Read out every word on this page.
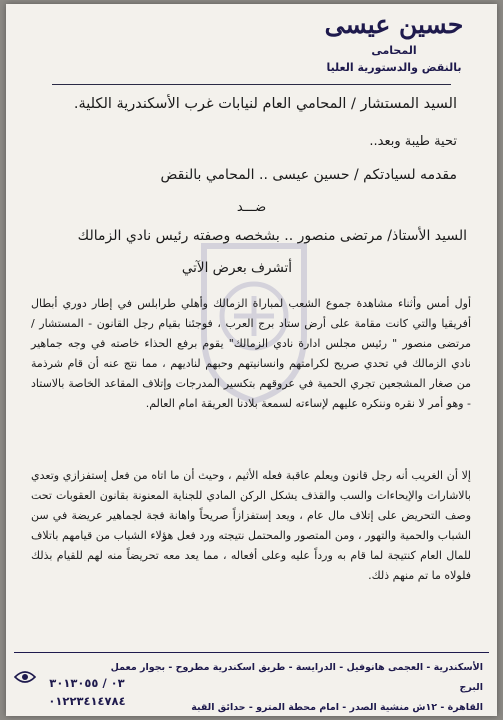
حسين عيسى
المحامى
بالنقض والدستورية العليا
السيد المستشار / المحامي العام لنيابات غرب الأسكندرية الكلية.
تحية طيبة وبعد..
مقدمه لسيادتكم / حسين عيسى .. المحامي بالنقض
ضـــد
السيد الأستاذ/ مرتضى منصور .. بشخصه وصفته رئيس نادي الزمالك
أتشرف بعرض الآتي
أول أمس وأثناء مشاهدة جموع الشعب لمباراة الزمالك وأهلي طرابلس في إطار دوري أبطال أفريقيا والتي كانت مقامة على أرض ستاد برج العرب ، فوجئنا بقيام رجل القانون - المستشار / مرتضى منصور " رئيس مجلس ادارة نادي الزمالك" يقوم برفع الحذاء خاصته في وجه جماهير نادي الزمالك في تحدي صريح لكرامتهم وانسانيتهم وحبهم لناديهم ، مما نتج عنه أن قام شرذمة من صغار المشجعين تجري الحمية في عروقهم بتكسير المدرجات وإتلاف المقاعد الخاصة بالاستاد - وهو أمر لا نقره وننكره عليهم لإساءته لسمعة بلادنا العريقة امام العالم.
إلا أن الغريب أنه رجل قانون ويعلم عاقبة فعله الأثيم ، وحيث أن ما اتاه من فعل إستفزازي وتعدي بالاشارات والإيحاءات والسب والقذف يشكل الركن المادي للجناية المعنونة بقانون العقوبات تحت وصف التحريض على إتلاف مال عام ، ويعد إستفزازاً صريحاً واهانة فجة لجماهير عريضة في سن الشباب والحمية والتهور ، ومن المتصور والمحتمل نتيجته ورد فعل هؤلاء الشباب من قيامهم باتلاف للمال العام كنتيجة لما قام به ورداً عليه وعلى أفعاله ، مما يعد معه تحريضاً منه لهم للقيام بذلك فلولاه ما تم منهم ذلك.
الأسكندرية - العجمى هانوفيل - الدرايسة - طريق اسكندرية مطروح - بجوار معمل البرج
القاهرة - ١٢ش منشية الصدر - امام محطة المترو - حدائق القبة
٠٣ / ٣٠١٣٠٥٥
٠١٢٢٣٤١٤٧٨٤
